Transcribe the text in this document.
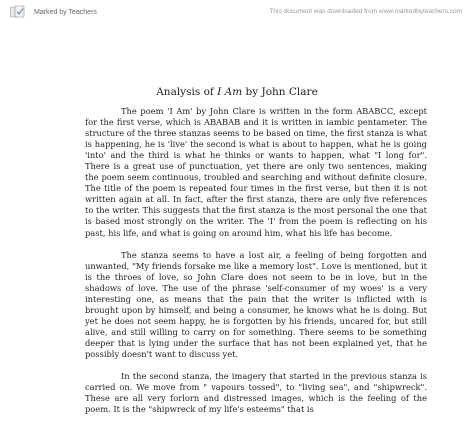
Marked by Teachers	This document was downloaded from www.markedbyteachers.com
Analysis of I Am by John Clare

The poem 'I Am' by John Clare is written in the form ABABCC, except for the first verse, which is ABABAB and it is written in iambic pentameter. The structure of the three stanzas seems to be based on time, the first stanza is what is happening, he is 'live' the second is what is about to happen, what he is going 'into' and the third is what he thinks or wants to happen, what "I long for". There is a great use of punctuation, yet there are only two sentences, making the poem seem continuous, troubled and searching and without definite closure. The title of the poem is repeated four times in the first verse, but then it is not written again at all. In fact, after the first stanza, there are only five references to the writer. This suggests that the first stanza is the most personal the one that is based most strongly on the writer. The 'I' from the poem is reflecting on his past, his life, and what is going on around him, what his life has become.

The stanza seems to have a lost air, a feeling of being forgotten and unwanted, "My friends forsake me like a memory lost". Love is mentioned, but it is the throes of love, so John Clare does not seem to be in love, but in the shadows of love. The use of the phrase 'self-consumer of my woes' is a very interesting one, as means that the pain that the writer is inflicted with is brought upon by himself, and being a consumer, he knows what he is doing. But yet he does not seem happy, he is forgotten by his friends, uncared for, but still alive, and still willing to carry on for something. There seems to be something deeper that is lying under the surface that has not been explained yet, that he possibly doesn't want to discuss yet.

In the second stanza, the imagery that started in the previous stanza is carried on. We move from " vapours tossed", to "living sea", and "shipwreck". These are all very forlorn and distressed images, which is the feeling of the poem. It is the "shipwreck of my life's esteems" that is
